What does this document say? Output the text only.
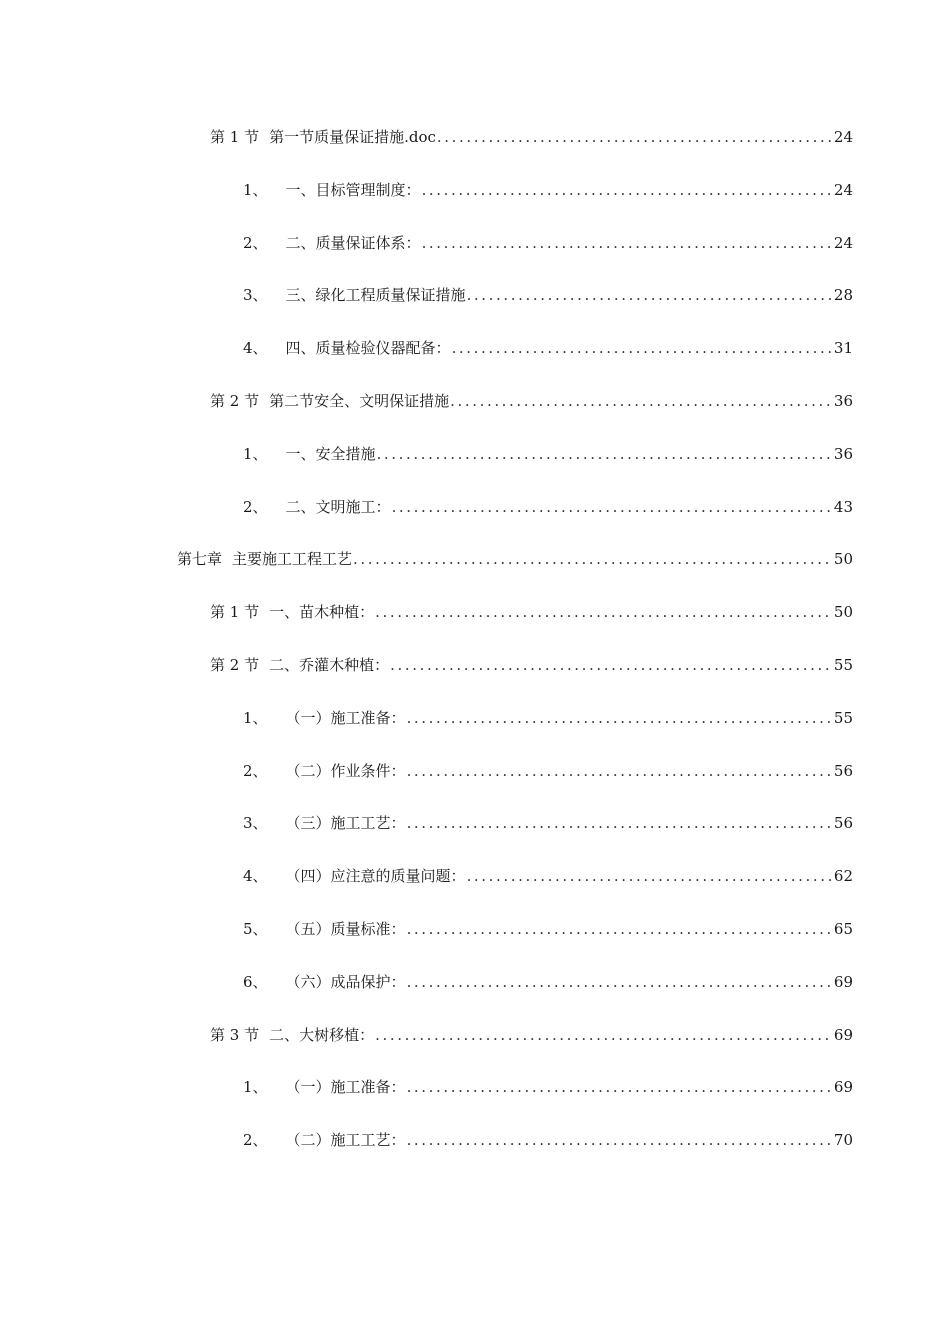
第 1 节 第一节质量保证措施.doc .....	24
1、 一、目标管理制度： .....	24
2、 二、质量保证体系： .....	24
3、 三、绿化工程质量保证措施 .....	28
4、 四、质量检验仪器配备： .....	31
第 2 节 第二节安全、文明保证措施 .....	36
1、 一、安全措施 .....	36
2、 二、文明施工： .....	43
第七章 主要施工工程工艺 .....	50
第 1 节 一、苗木种植： .....	50
第 2 节 二、乔灌木种植： .....	55
1、 （一）施工准备： .....	55
2、 （二）作业条件： .....	56
3、 （三）施工工艺： .....	56
4、 （四）应注意的质量问题： .....	62
5、 （五）质量标准： .....	65
6、 （六）成品保护： .....	69
第 3 节 二、大树移植： .....	69
1、 （一）施工准备： .....	69
2、 （二）施工工艺： .....	70
